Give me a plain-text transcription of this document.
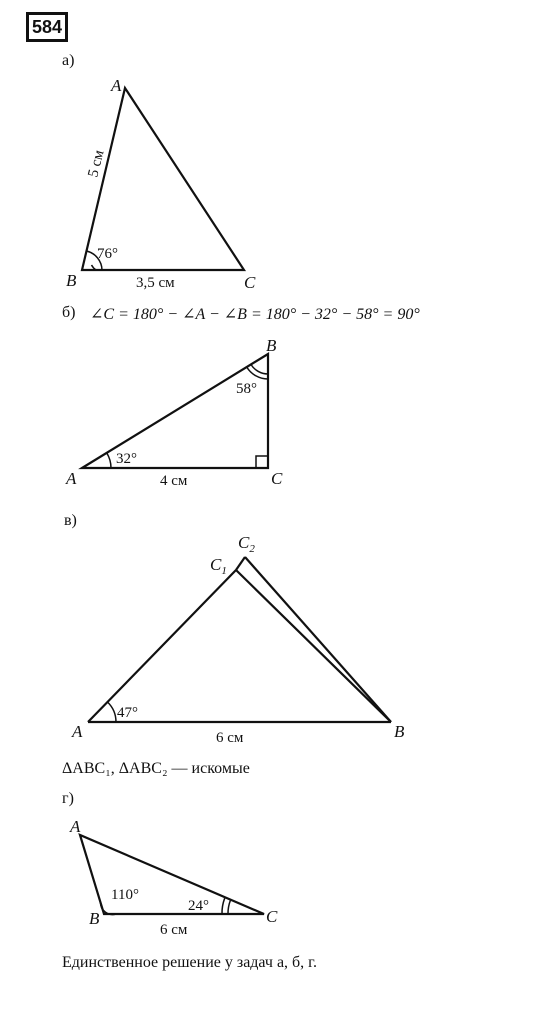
584
а)
A
B	C
5 см
3,5 см
76°
B
A	C
32°
58°
4 см
$C_2$
$C_1$
A	B
47°
6 см
A
B	C
110°
24°
6 см
б) ∠C = 180° − ∠A − ∠B = 180° − 32° − 58° = 90°
в)
ΔABC₁, ΔABC₂ — искомые
г)
Единственное решение у задач а, б, г.
